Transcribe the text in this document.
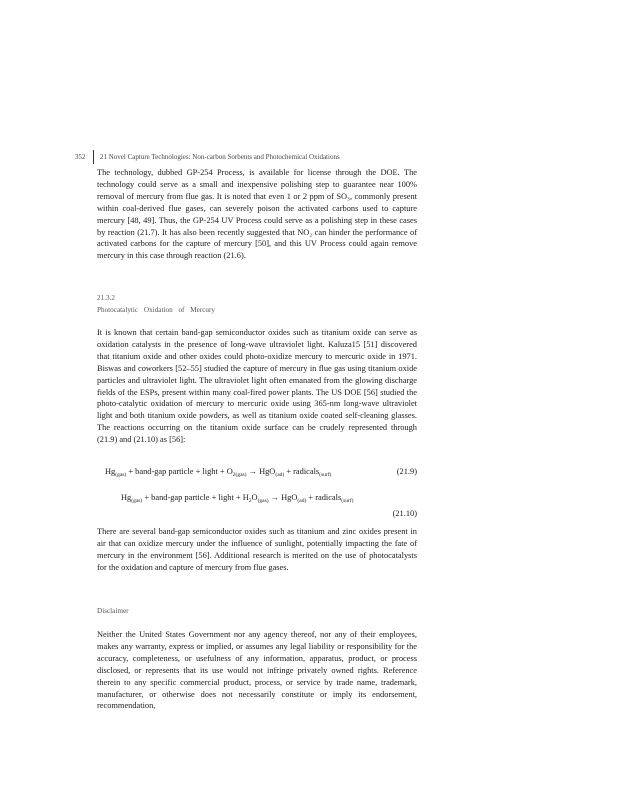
352 21 Novel Capture Technologies: Non-carbon Sorbents and Photochemical Oxidations

The technology, dubbed GP-254 Process, is available for license through the DOE. The technology could serve as a small and inexpensive polishing step to guarantee near 100% removal of mercury from flue gas. It is noted that even 1 or 2 ppm of SO₃, commonly present within coal-derived flue gases, can severely poison the activated carbons used to capture mercury [48, 49]. Thus, the GP-254 UV Process could serve as a polishing step in these cases by reaction (21.7). It has also been recently suggested that NO₂ can hinder the performance of activated carbons for the capture of mercury [50], and this UV Process could again remove mercury in this case through reaction (21.6).

21.3.2
Photocatalytic Oxidation of Mercury

It is known that certain band-gap semiconductor oxides such as titanium oxide can serve as oxidation catalysts in the presence of long-wave ultraviolet light. Kaluza15 [51] discovered that titanium oxide and other oxides could photo-oxidize mercury to mercuric oxide in 1971. Biswas and coworkers [52–55] studied the capture of mercury in flue gas using titanium oxide particles and ultraviolet light. The ultraviolet light often emanated from the glowing discharge fields of the ESPs, present within many coal-fired power plants. The US DOE [56] studied the photo-catalytic oxidation of mercury to mercuric oxide using 365-nm long-wave ultraviolet light and both titanium oxide powders, as well as titanium oxide coated self-cleaning glasses. The reactions occurring on the titanium oxide surface can be crudely represented through (21.9) and (21.10) as [56]:

$Hg_{(gas)}$ + band-gap particle + light + $O_{2(gas)} \to HgO_{(ad)}$ + radicals$_{(surf)}$	(21.9)
$Hg_{(gas)}$ + band-gap particle + light + $H_2O_{(gas)} \to HgO_{(ad)}$ + radicals$_{(surf)}$
(21.10)

There are several band-gap semiconductor oxides such as titanium and zinc oxides present in air that can oxidize mercury under the influence of sunlight, potentially impacting the fate of mercury in the environment [56]. Additional research is merited on the use of photocatalysts for the oxidation and capture of mercury from flue gases.

Disclaimer

Neither the United States Government nor any agency thereof, nor any of their employees, makes any warranty, express or implied, or assumes any legal liability or responsibility for the accuracy, completeness, or usefulness of any information, apparatus, product, or process disclosed, or represents that its use would not infringe privately owned rights. Reference therein to any specific commercial product, process, or service by trade name, trademark, manufacturer, or otherwise does not necessarily constitute or imply its endorsement, recommendation,
